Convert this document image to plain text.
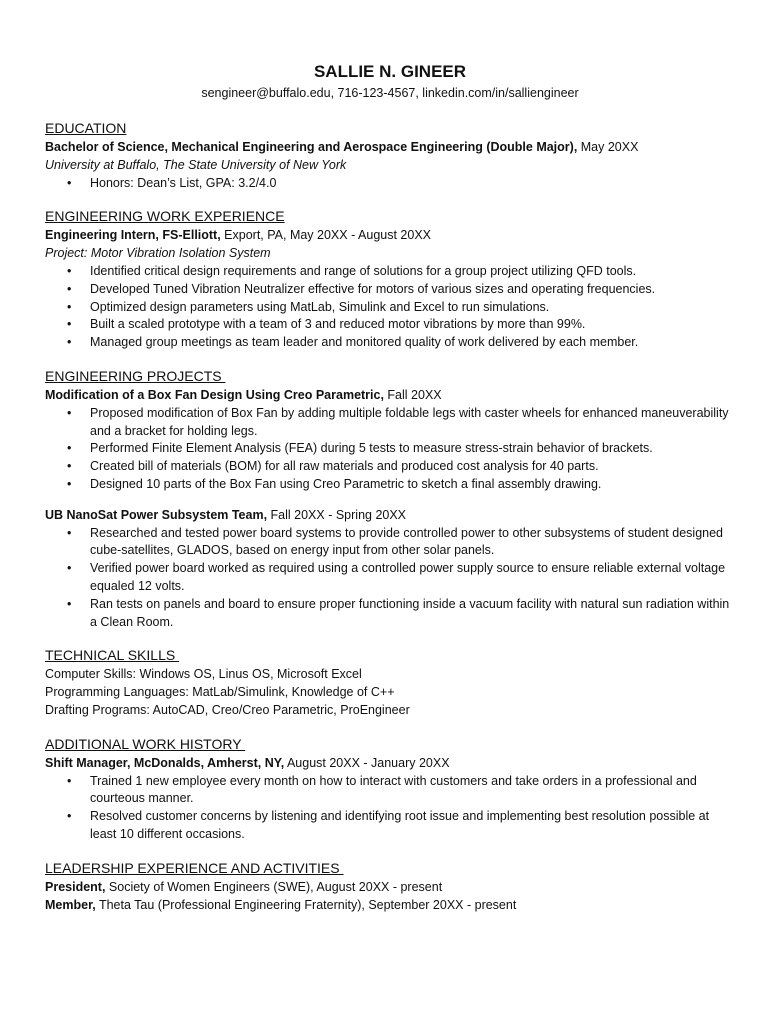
SALLIE N. GINEER

sengineer@buffalo.edu, 716-123-4567, linkedin.com/in/salliengineer

EDUCATION

Bachelor of Science, Mechanical Engineering and Aerospace Engineering (Double Major), May 20XX

University at Buffalo, The State University of New York

• Honors: Dean’s List, GPA: 3.2/4.0

ENGINEERING WORK EXPERIENCE

Engineering Intern, FS-Elliott, Export, PA, May 20XX - August 20XX

Project: Motor Vibration Isolation System

• Identified critical design requirements and range of solutions for a group project utilizing QFD tools.
• Developed Tuned Vibration Neutralizer effective for motors of various sizes and operating frequencies.
• Optimized design parameters using MatLab, Simulink and Excel to run simulations.
• Built a scaled prototype with a team of 3 and reduced motor vibrations by more than 99%.
• Managed group meetings as team leader and monitored quality of work delivered by each member.

ENGINEERING PROJECTS

Modification of a Box Fan Design Using Creo Parametric, Fall 20XX

• Proposed modification of Box Fan by adding multiple foldable legs with caster wheels for enhanced maneuverability and a bracket for holding legs.
• Performed Finite Element Analysis (FEA) during 5 tests to measure stress-strain behavior of brackets.
• Created bill of materials (BOM) for all raw materials and produced cost analysis for 40 parts.
• Designed 10 parts of the Box Fan using Creo Parametric to sketch a final assembly drawing.

UB NanoSat Power Subsystem Team, Fall 20XX - Spring 20XX

• Researched and tested power board systems to provide controlled power to other subsystems of student designed cube-satellites, GLADOS, based on energy input from other solar panels.
• Verified power board worked as required using a controlled power supply source to ensure reliable external voltage equaled 12 volts.
• Ran tests on panels and board to ensure proper functioning inside a vacuum facility with natural sun radiation within a Clean Room.

TECHNICAL SKILLS

Computer Skills: Windows OS, Linus OS, Microsoft Excel

Programming Languages: MatLab/Simulink, Knowledge of C++

Drafting Programs: AutoCAD, Creo/Creo Parametric, ProEngineer

ADDITIONAL WORK HISTORY

Shift Manager, McDonalds, Amherst, NY, August 20XX - January 20XX

• Trained 1 new employee every month on how to interact with customers and take orders in a professional and courteous manner.
• Resolved customer concerns by listening and identifying root issue and implementing best resolution possible at least 10 different occasions.

LEADERSHIP EXPERIENCE AND ACTIVITIES

President, Society of Women Engineers (SWE), August 20XX - present

Member, Theta Tau (Professional Engineering Fraternity), September 20XX - present
